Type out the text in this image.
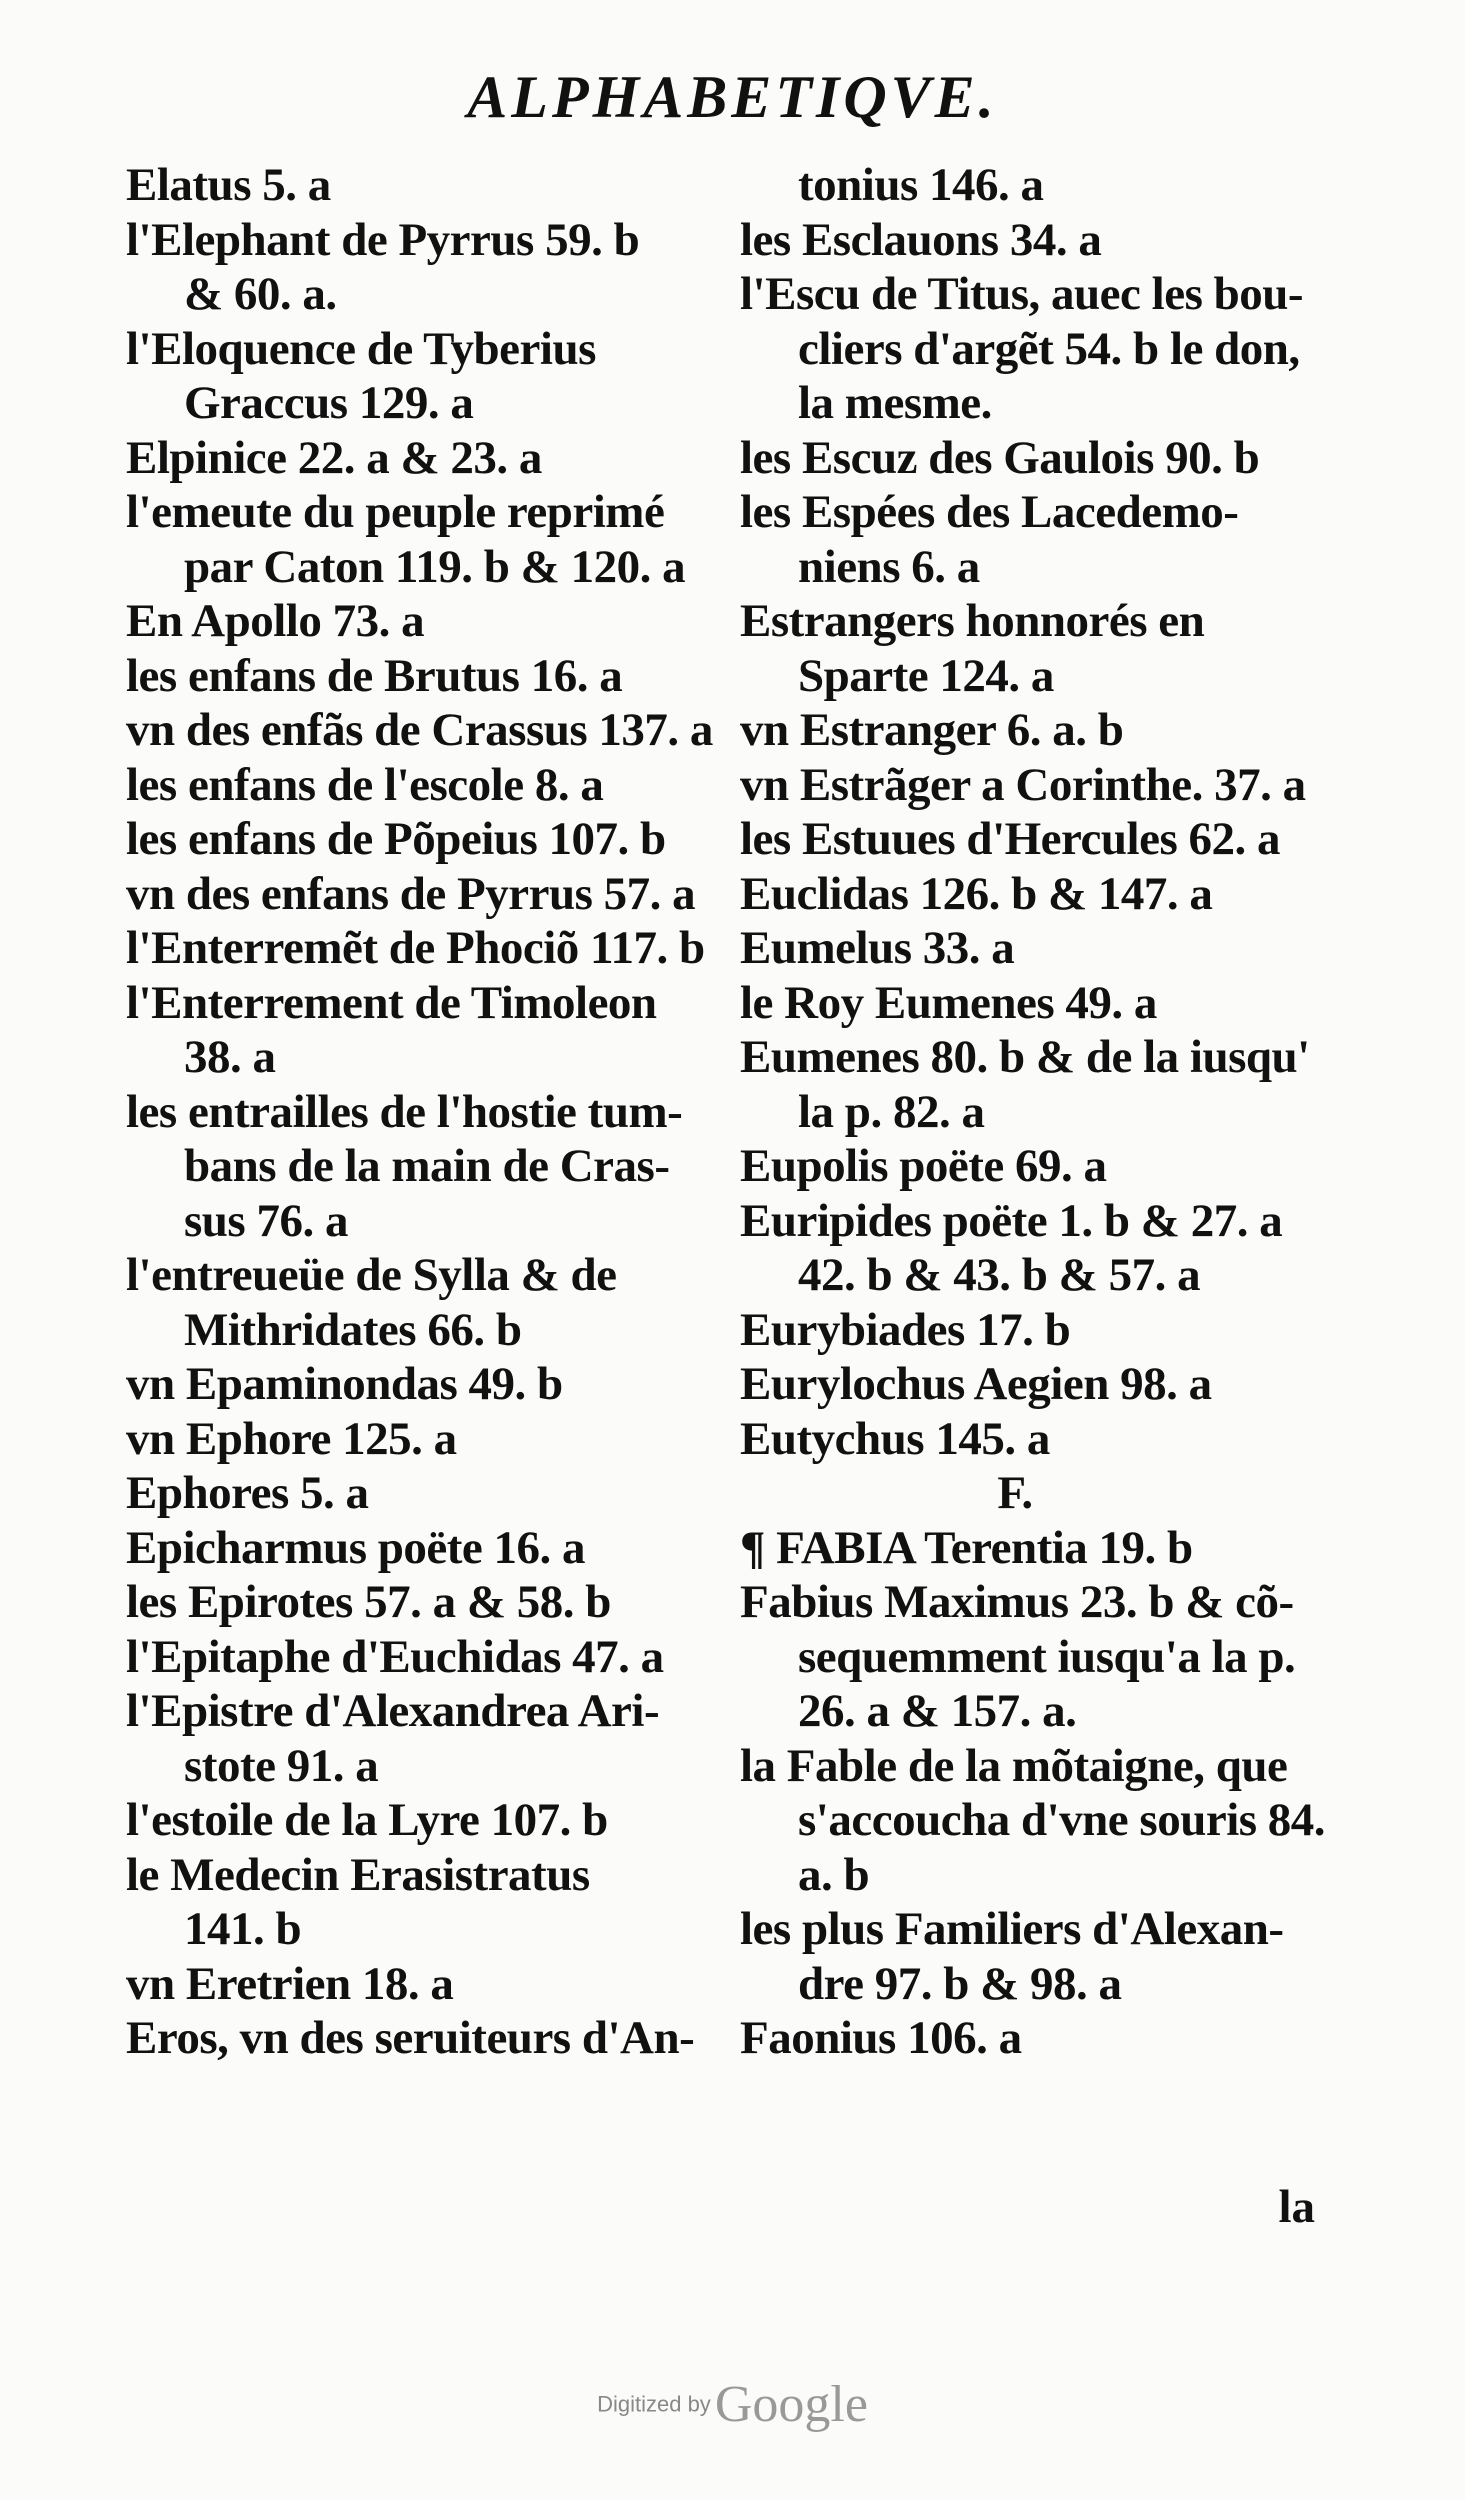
ALPHABETIQVE.
Elatus 5. a
l'Elephant de Pyrrus 59. b
& 60. a.
l'Eloquence de Tyberius
Graccus 129. a
Elpinice 22. a & 23. a
l'emeute du peuple reprimé
par Caton 119. b & 120. a
En Apollo 73. a
les enfans de Brutus 16. a
vn des enfãs de Crassus 137. a
les enfans de l'escole 8. a
les enfans de Põpeius 107. b
vn des enfans de Pyrrus 57. a
l'Enterremẽt de Phociõ 117. b
l'Enterrement de Timoleon
38. a
les entrailles de l'hostie tum-
bans de la main de Cras-
sus 76. a
l'entreueüe de Sylla & de
Mithridates 66. b
vn Epaminondas 49. b
vn Ephore 125. a
Ephores 5. a
Epicharmus poëte 16. a
les Epirotes 57. a & 58. b
l'Epitaphe d'Euchidas 47. a
l'Epistre d'Alexandrea Ari-
stote 91. a
l'estoile de la Lyre 107. b
le Medecin Erasistratus
141. b
vn Eretrien 18. a
Eros, vn des seruiteurs d'An-
tonius 146. a
les Esclauons 34. a
l'Escu de Titus, auec les bou-
cliers d'argẽt 54. b le don,
la mesme.
les Escuz des Gaulois 90. b
les Espées des Lacedemo-
niens 6. a
Estrangers honnorés en
Sparte 124. a
vn Estranger 6. a. b
vn Estrãger a Corinthe. 37. a
les Estuues d'Hercules 62. a
Euclidas 126. b & 147. a
Eumelus 33. a
le Roy Eumenes 49. a
Eumenes 80. b & de la iusqu'
la p. 82. a
Eupolis poëte 69. a
Euripides poëte 1. b & 27. a
42. b & 43. b & 57. a
Eurybiades 17. b
Eurylochus Aegien 98. a
Eutychus 145. a
F.
¶ FABIA Terentia 19. b
Fabius Maximus 23. b & cõ-
sequemment iusqu'a la p.
26. a & 157. a.
la Fable de la mõtaigne, que
s'accoucha d'vne souris 84.
a. b
les plus Familiers d'Alexan-
dre 97. b & 98. a
Faonius 106. a
la
Digitized by Google
